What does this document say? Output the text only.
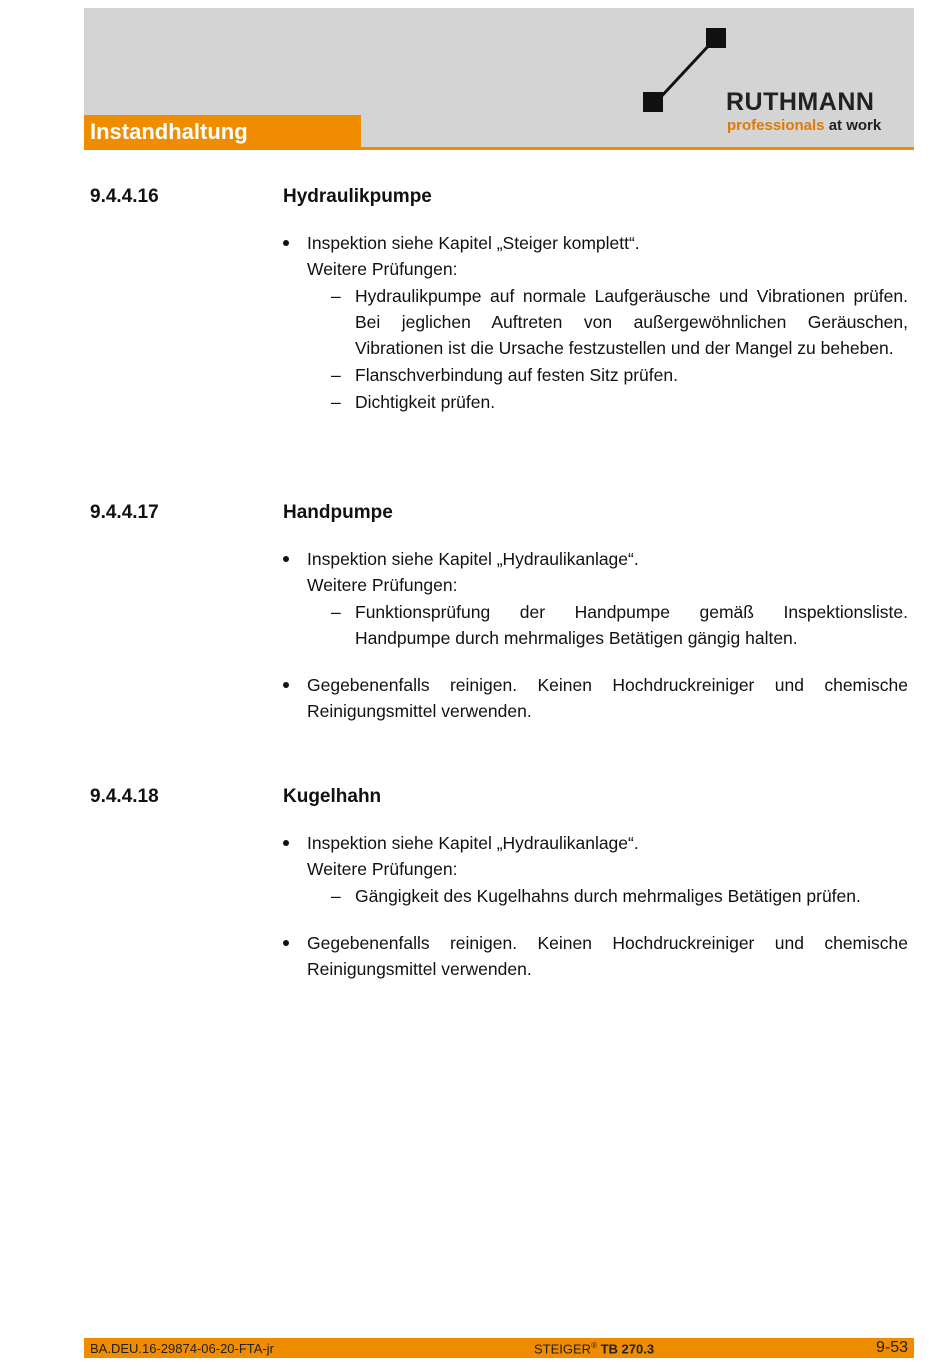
Instandhaltung
RUTHMANN
professionals at work
9.4.4.16	Hydraulikpumpe

Inspektion siehe Kapitel „Steiger komplett“.

Weitere Prüfungen:

– Hydraulikpumpe auf normale Laufgeräusche und Vibrationen prüfen. Bei jeglichen Auftreten von außergewöhnlichen Geräuschen, Vibrationen ist die Ursache festzustellen und der Mangel zu beheben.
– Flanschverbindung auf festen Sitz prüfen.
– Dichtigkeit prüfen.
9.4.4.17	Handpumpe

Inspektion siehe Kapitel „Hydraulikanlage“.

Weitere Prüfungen:

– Funktionsprüfung der Handpumpe gemäß Inspektionsliste. Handpumpe durch mehrmaliges Betätigen gängig halten.

Gegebenenfalls reinigen. Keinen Hochdruckreiniger und chemische Reinigungsmittel verwenden.

9.4.4.18	Kugelhahn

Inspektion siehe Kapitel „Hydraulikanlage“.

Weitere Prüfungen:

– Gängigkeit des Kugelhahns durch mehrmaliges Betätigen prüfen.

Gegebenenfalls reinigen. Keinen Hochdruckreiniger und chemische Reinigungsmittel verwenden.

BA.DEU.16-29874-06-20-FTA-jr	STEIGER® TB 270.3	9-53
